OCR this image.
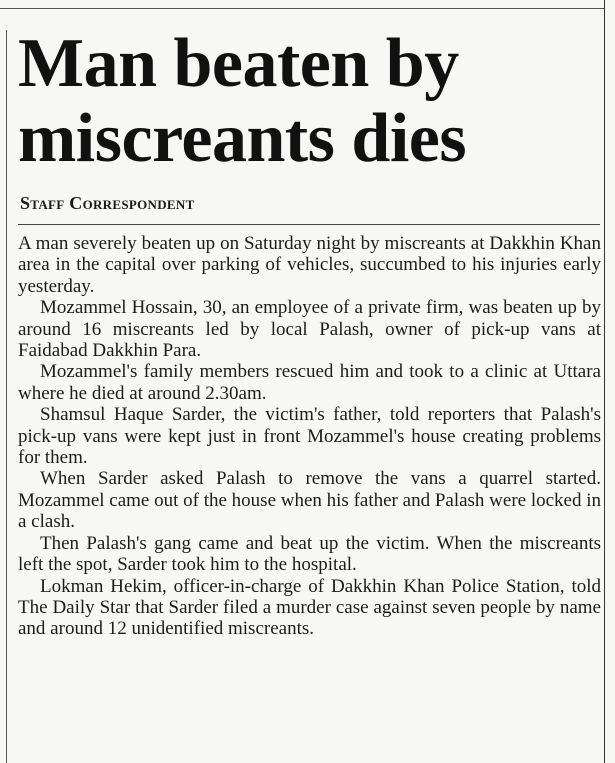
Man beaten by miscreants dies
Staff Correspondent

A man severely beaten up on Saturday night by miscreants at Dakkhin Khan area in the capital over parking of vehicles, succumbed to his injuries early yesterday.

Mozammel Hossain, 30, an employee of a private firm, was beaten up by around 16 miscreants led by local Palash, owner of pick-up vans at Faidabad Dakkhin Para.

Mozammel's family members rescued him and took to a clinic at Uttara where he died at around 2.30am.

Shamsul Haque Sarder, the victim's father, told reporters that Palash's pick-up vans were kept just in front Mozammel's house creating problems for them.

When Sarder asked Palash to remove the vans a quarrel started. Mozammel came out of the house when his father and Palash were locked in a clash.

Then Palash's gang came and beat up the victim. When the miscreants left the spot, Sarder took him to the hospital.

Lokman Hekim, officer-in-charge of Dakkhin Khan Police Station, told The Daily Star that Sarder filed a murder case against seven people by name and around 12 unidentified miscreants.
